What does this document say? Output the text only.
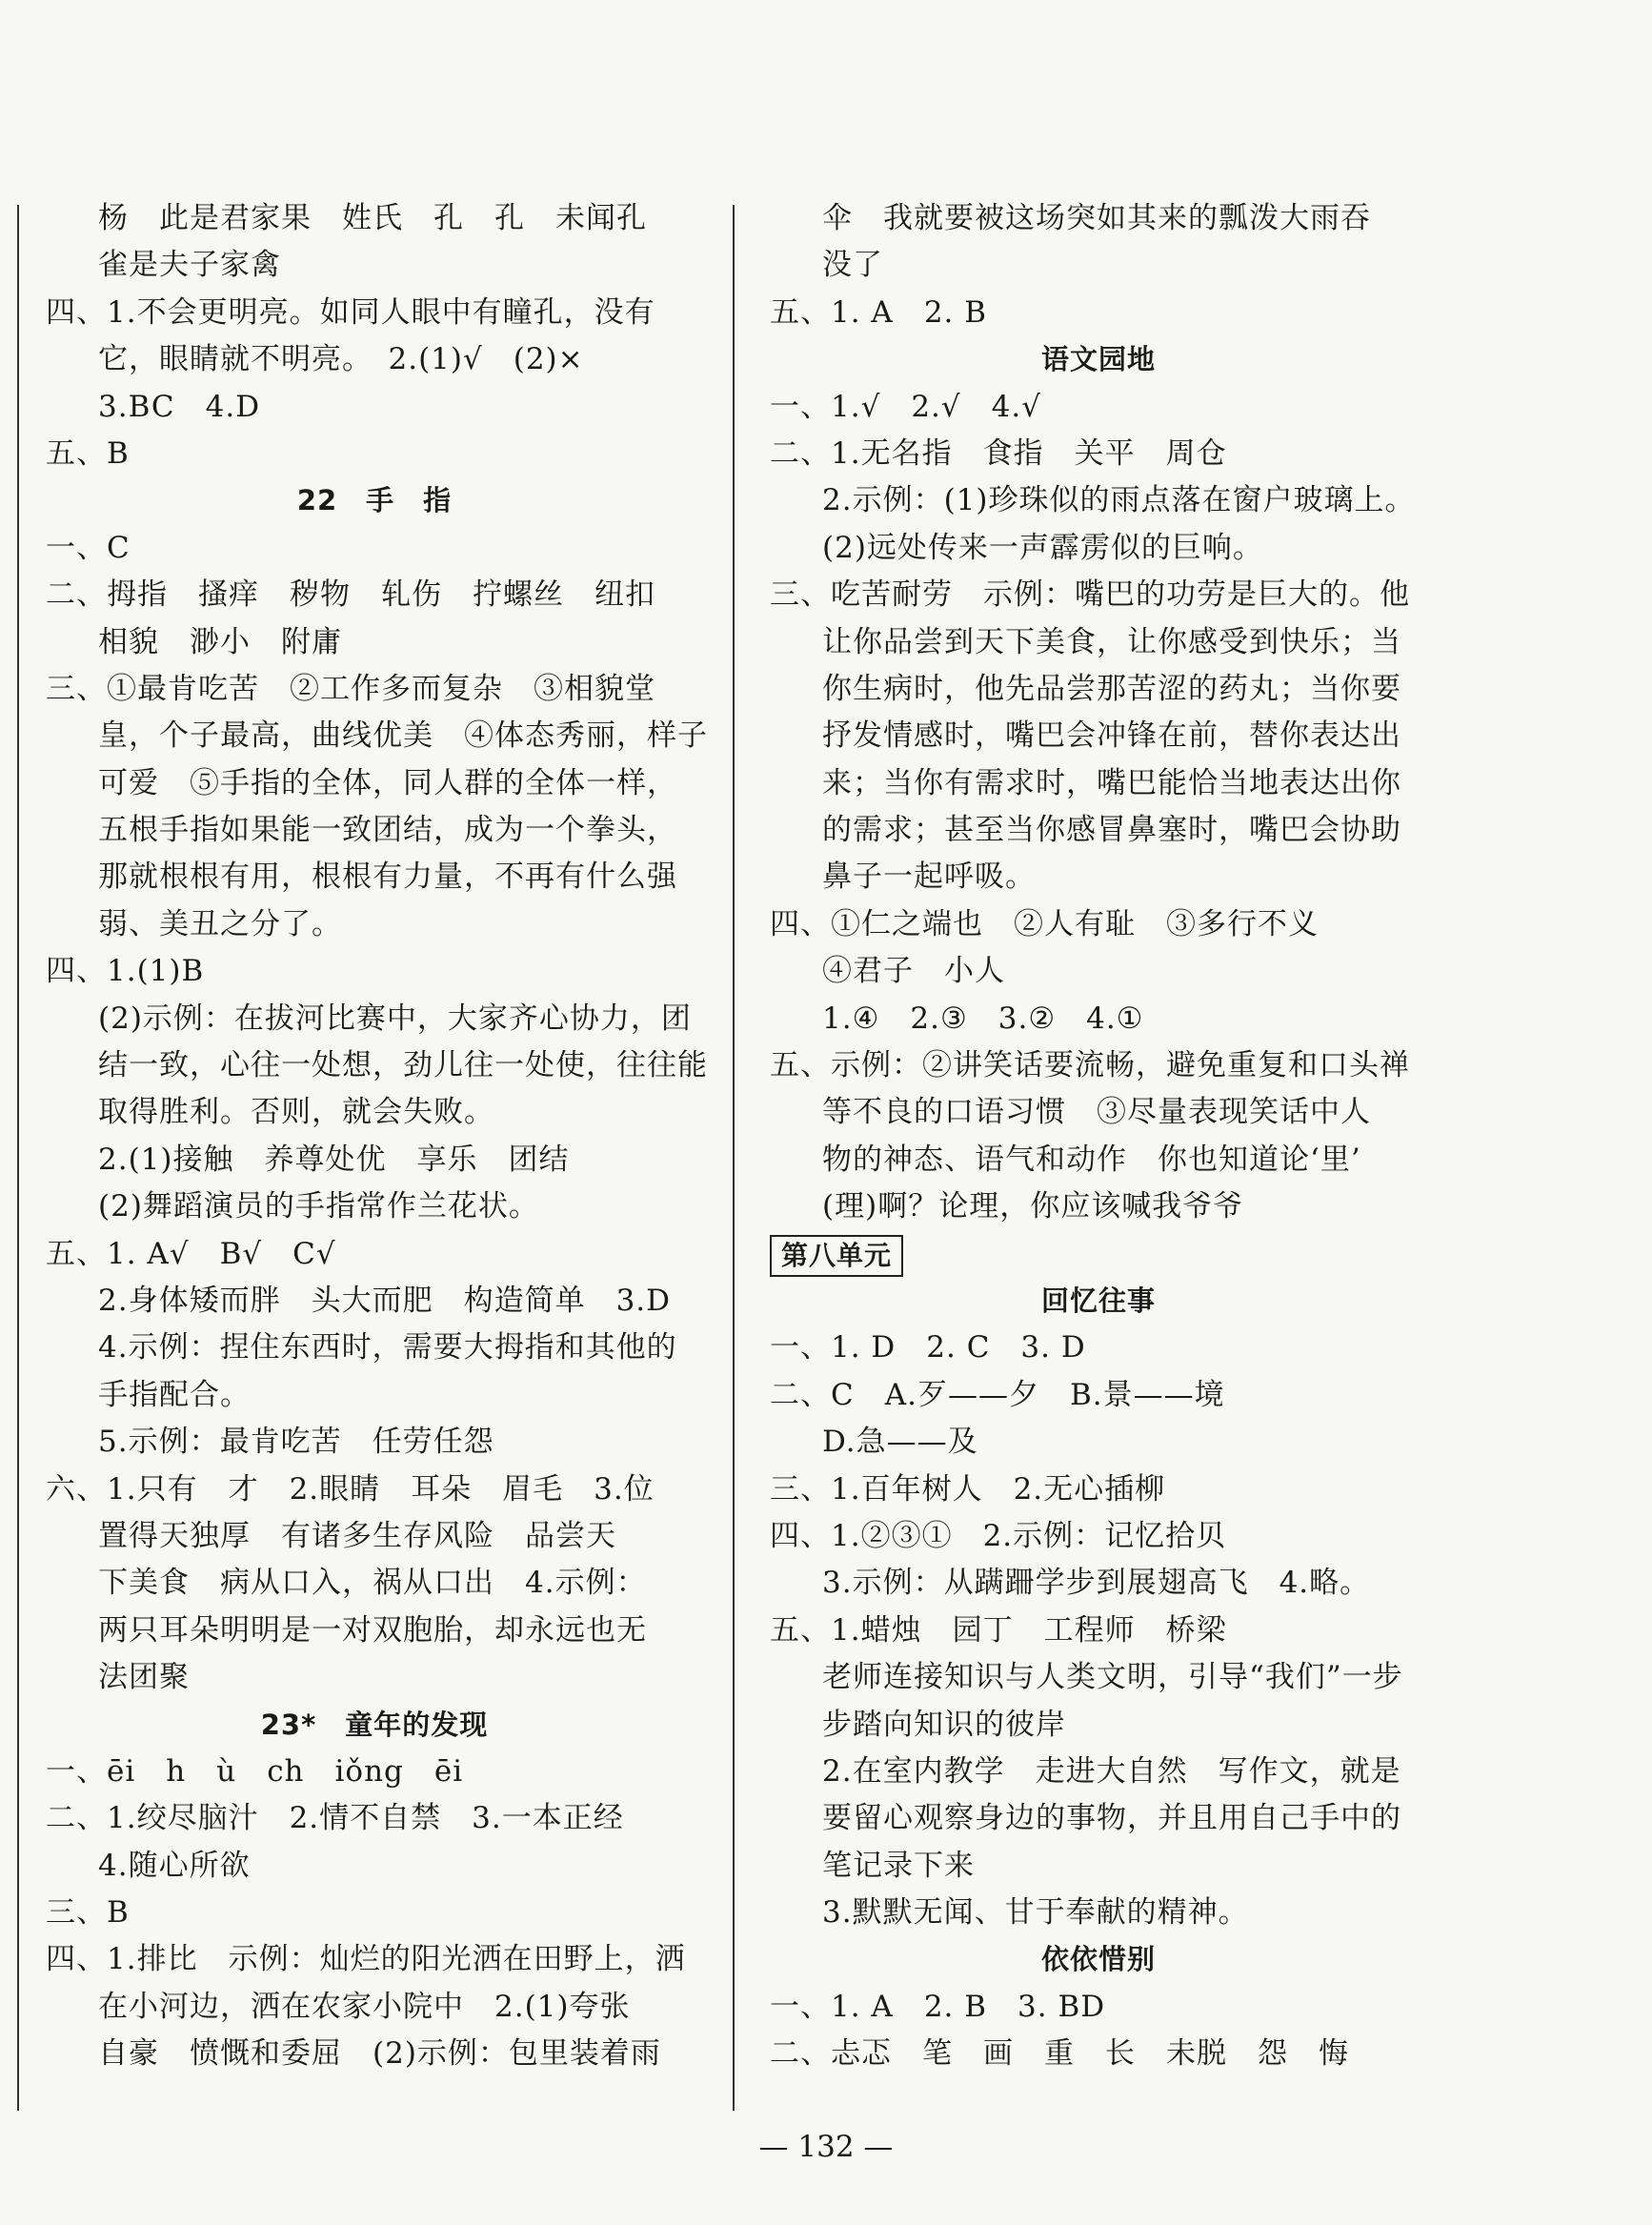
杨　此是君家果　姓氏　孔　孔　未闻孔
雀是夫子家禽
四、1.不会更明亮。如同人眼中有瞳孔，没有
它，眼睛就不明亮。　2.(1)√　(2)×
3.BC　4.D
五、B
22　手　指
一、C
二、拇指　搔痒　秽物　轧伤　拧螺丝　纽扣
相貌　渺小　附庸
三、①最肯吃苦　②工作多而复杂　③相貌堂
皇，个子最高，曲线优美　④体态秀丽，样子
可爱　⑤手指的全体，同人群的全体一样，
五根手指如果能一致团结，成为一个拳头，
那就根根有用，根根有力量，不再有什么强
弱、美丑之分了。
四、1.(1)B
(2)示例：在拔河比赛中，大家齐心协力，团
结一致，心往一处想，劲儿往一处使，往往能
取得胜利。否则，就会失败。
2.(1)接触　养尊处优　享乐　团结
(2)舞蹈演员的手指常作兰花状。
五、1. A√　B√　C√
2.身体矮而胖　头大而肥　构造简单　3.D
4.示例：捏住东西时，需要大拇指和其他的
手指配合。
5.示例：最肯吃苦　任劳任怨
六、1.只有　才　2.眼睛　耳朵　眉毛　3.位
置得天独厚　有诸多生存风险　品尝天
下美食　病从口入，祸从口出　4.示例：
两只耳朵明明是一对双胞胎，却永远也无
法团聚
23*　童年的发现
一、ēi　h　ù　ch　iǒng　ēi
二、1.绞尽脑汁　2.情不自禁　3.一本正经
4.随心所欲
三、B
四、1.排比　示例：灿烂的阳光洒在田野上，洒
在小河边，洒在农家小院中　2.(1)夸张
自豪　愤慨和委屈　(2)示例：包里装着雨
伞　我就要被这场突如其来的瓢泼大雨吞
没了
五、1. A　2. B
语文园地
一、1.√　2.√　4.√
二、1.无名指　食指　关平　周仓
2.示例：(1)珍珠似的雨点落在窗户玻璃上。
(2)远处传来一声霹雳似的巨响。
三、吃苦耐劳　示例：嘴巴的功劳是巨大的。他
让你品尝到天下美食，让你感受到快乐；当
你生病时，他先品尝那苦涩的药丸；当你要
抒发情感时，嘴巴会冲锋在前，替你表达出
来；当你有需求时，嘴巴能恰当地表达出你
的需求；甚至当你感冒鼻塞时，嘴巴会协助
鼻子一起呼吸。
四、①仁之端也　②人有耻　③多行不义
④君子　小人
1.④　2.③　3.②　4.①
五、示例：②讲笑话要流畅，避免重复和口头禅
等不良的口语习惯　③尽量表现笑话中人
物的神态、语气和动作　你也知道论‘里’
(理)啊？论理，你应该喊我爷爷
第八单元
回忆往事
一、1. D　2. C　3. D
二、C　A.歹——夕　B.景——境
D.急——及
三、1.百年树人　2.无心插柳
四、1.②③①　2.示例：记忆拾贝
3.示例：从蹒跚学步到展翅高飞　4.略。
五、1.蜡烛　园丁　工程师　桥梁
老师连接知识与人类文明，引导“我们”一步
步踏向知识的彼岸
2.在室内教学　走进大自然　写作文，就是
要留心观察身边的事物，并且用自己手中的
笔记录下来
3.默默无闻、甘于奉献的精神。
依依惜别
一、1. A　2. B　3. BD
二、忐忑　笔　画　重　长　未脱　怨　悔
— 132 —
